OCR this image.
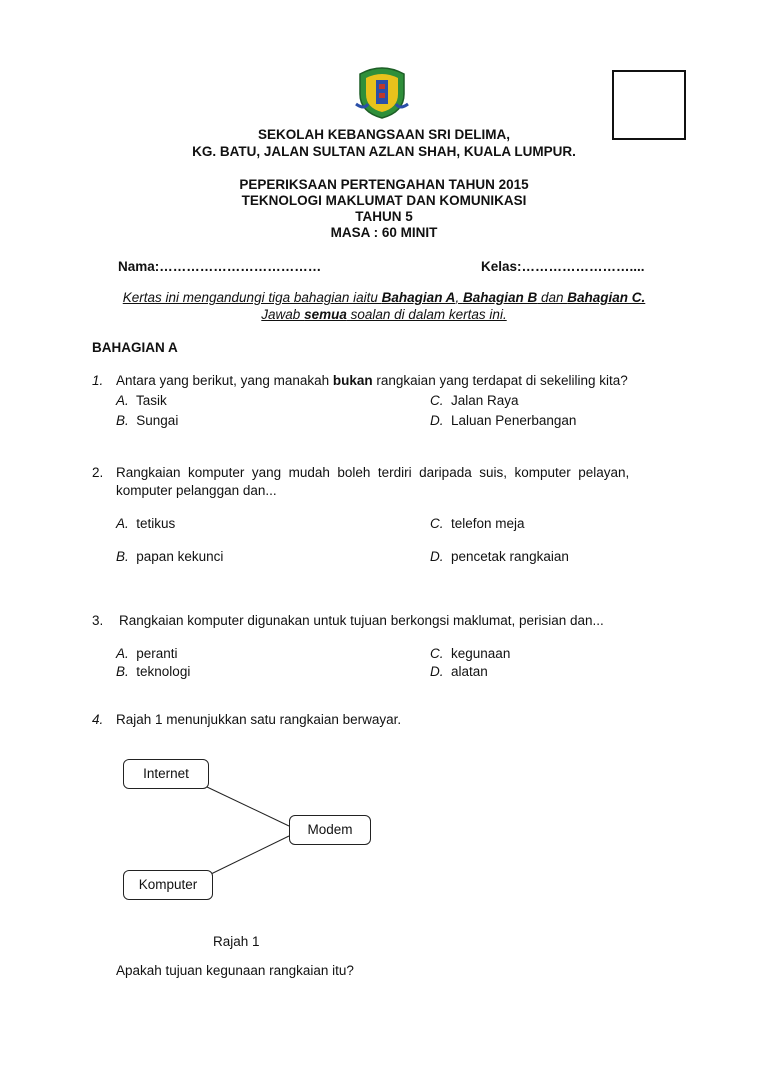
SEKOLAH KEBANGSAAN SRI DELIMA,
KG. BATU, JALAN SULTAN AZLAN SHAH, KUALA LUMPUR.
PEPERIKSAAN PERTENGAHAN TAHUN 2015
TEKNOLOGI MAKLUMAT DAN KOMUNIKASI
TAHUN 5
MASA : 60 MINIT
Nama:………………………………	Kelas:……………………....
Kertas ini mengandungi tiga bahagian iaitu Bahagian A, Bahagian B dan Bahagian C.
Jawab semua soalan di dalam kertas ini.
BAHAGIAN A
1. Antara yang berikut, yang manakah bukan rangkaian yang terdapat di sekeliling kita?
A. Tasik
B. Sungai
C. Jalan Raya
D. Laluan Penerbangan
2. Rangkaian  komputer  yang  mudah  boleh  terdiri  daripada  suis,  komputer  pelayan,
komputer pelanggan dan...
A. tetikus
B. papan kekunci
C. telefon meja
D. pencetak rangkaian
3. Rangkaian komputer digunakan untuk tujuan berkongsi maklumat, perisian dan...
A. peranti
B. teknologi
C. kegunaan
D. alatan
4. Rajah 1 menunjukkan satu rangkaian berwayar.
Internet
Modem
Komputer
Rajah 1
Apakah tujuan kegunaan rangkaian itu?
